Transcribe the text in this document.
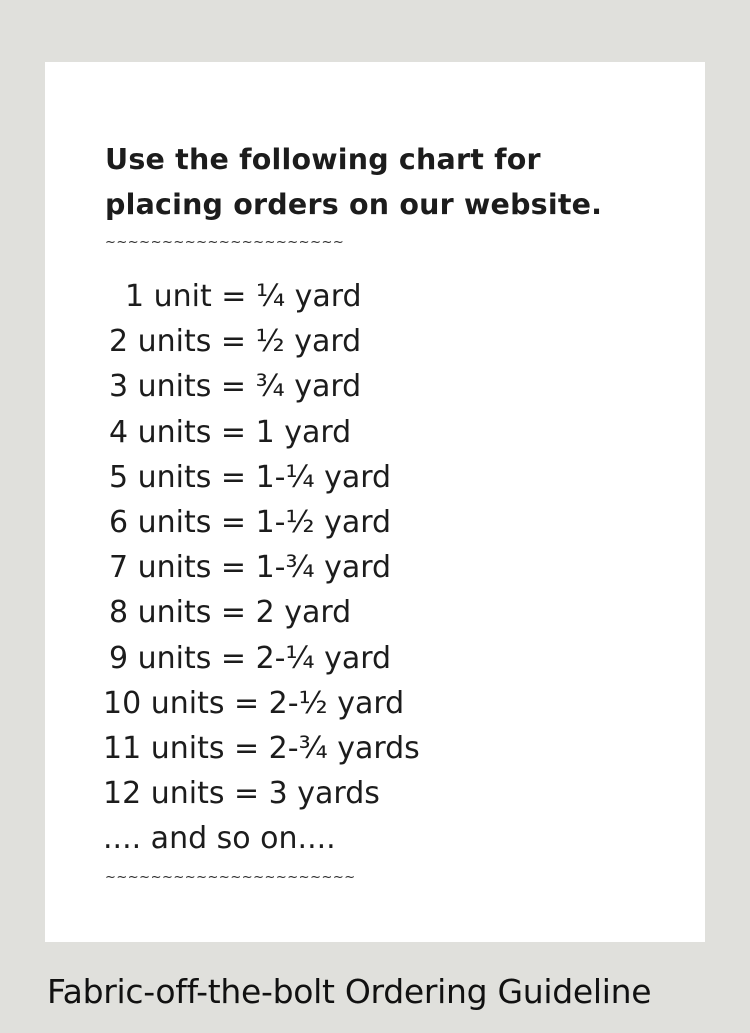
Use the following chart for
placing orders on our website.
~~~~~~~~~~~~~~~~~~~~~
1 unit = ¼ yard
2 units = ½ yard
3 units = ¾ yard
4 units = 1 yard
5 units = 1-¼ yard
6 units = 1-½ yard
7 units = 1-¾ yard
8 units = 2 yard
9 units = 2-¼ yard
10 units = 2-½ yard
11 units = 2-¾ yards
12 units = 3 yards
.... and so on....
~~~~~~~~~~~~~~~~~~~~~~
Fabric-off-the-bolt Ordering Guideline
